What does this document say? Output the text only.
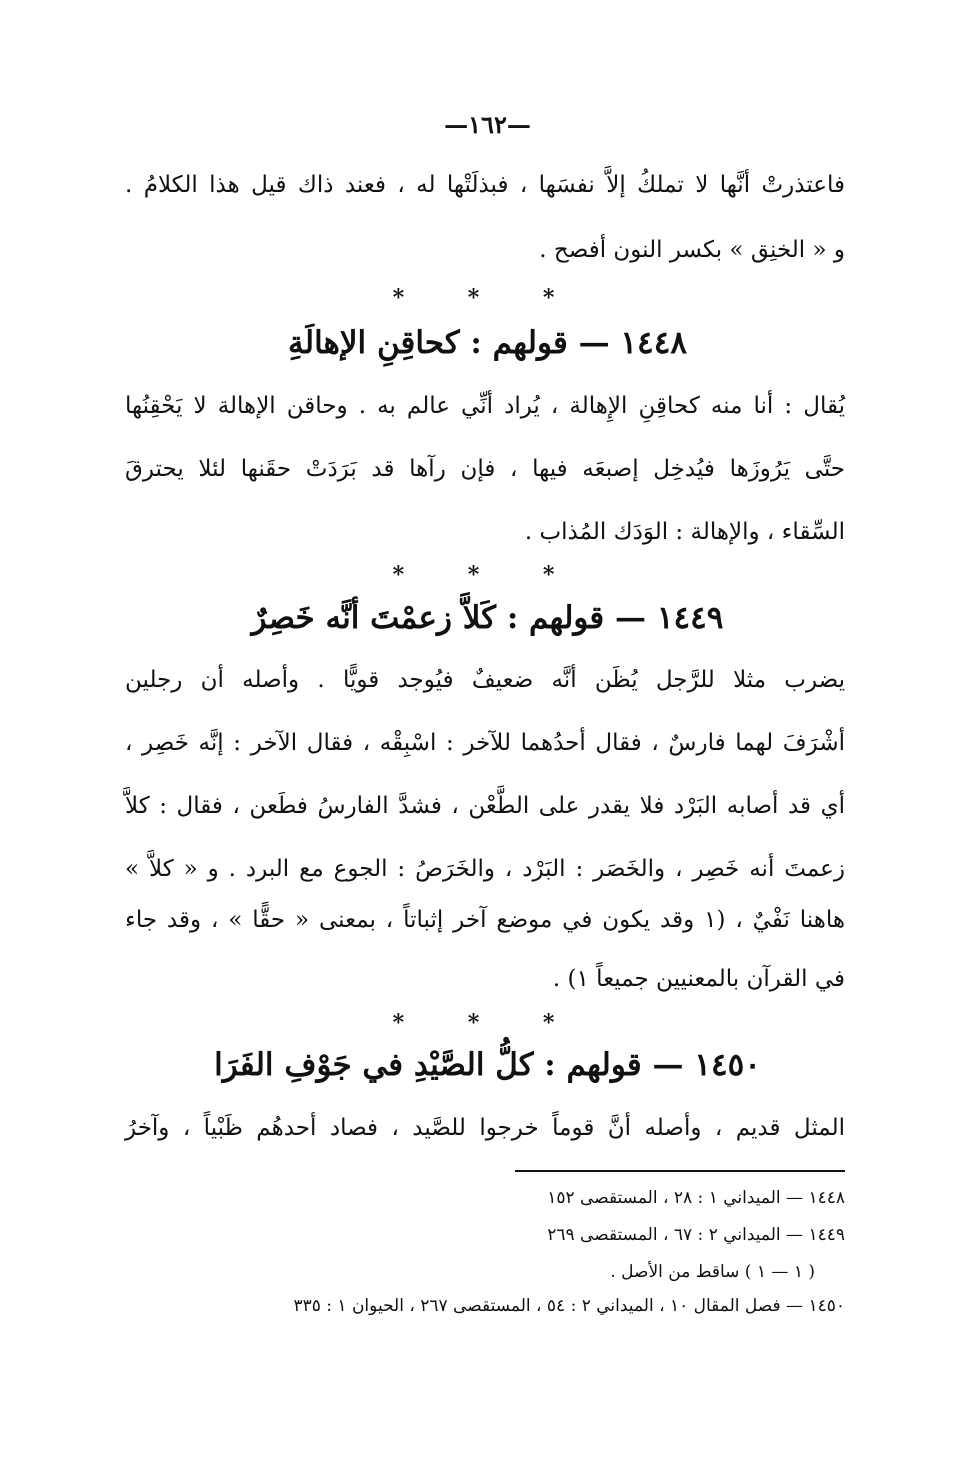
—١٦٢—
فاعتذرتْ أنَّها لا تملكُ إلاَّ نفسَها ، فبذلَتْها له ، فعند ذاك قيل هذا الكلامُ .
و « الخنِق » بكسر النون أفصح .
* * *
١٤٤٨ — قولهم : كحاقِنِ الإهالَةِ
يُقال : أنا منه كحاقِنِ الإِهالة ، يُراد أنِّي عالم به . وحاقن الإهالة لا يَحْقِنُها
حتَّى يَرُوزَها فيُدخِل إصبعَه فيها ، فإن رآها قد بَرَدَتْ حقَنها لئلا يحترقَ
السِّقاء ، والإهالة : الوَدَك المُذاب .
* * *
١٤٤٩ — قولهم : كَلاَّ زعمْتَ أنَّه خَصِرٌ
يضرب مثلا للرَّجل يُظَن أنَّه ضعيفٌ فيُوجد قويًّا . وأصله أن رجلين
أشْرَفَ لهما فارسٌ ، فقال أحدُهما للآخر : اسْبِقْه ، فقال الآخر : إنَّه خَصِر ،
أي قد أصابه البَرْد فلا يقدر على الطَّعْن ، فشدَّ الفارسُ فطَعن ، فقال : كلاَّ
زعمتَ أنه خَصِر ، والخَصَر : البَرْد ، والخَرَصُ : الجوع مع البرد . و « كلاَّ »
هاهنا نَفْيٌ ، (١ وقد يكون في موضع آخر إثباتاً ، بمعنى « حقًّا » ، وقد جاء
في القرآن بالمعنيين جميعاً ١) .
* * *
١٤٥٠ — قولهم : كلُّ الصَّيْدِ في جَوْفِ الفَرَا
المثل قديم ، وأصله أنَّ قوماً خرجوا للصَّيد ، فصاد أحدهُم ظَبْياً ، وآخرُ
١٤٤٨ — الميداني ١ : ٢٨ ، المستقصى ١٥٢
١٤٤٩ — الميداني ٢ : ٦٧ ، المستقصى ٢٦٩
( ١ — ١ ) ساقط من الأصل .
١٤٥٠ — فصل المقال ١٠ ، الميداني ٢ : ٥٤ ، المستقصى ٢٦٧ ، الحيوان ١ : ٣٣٥
